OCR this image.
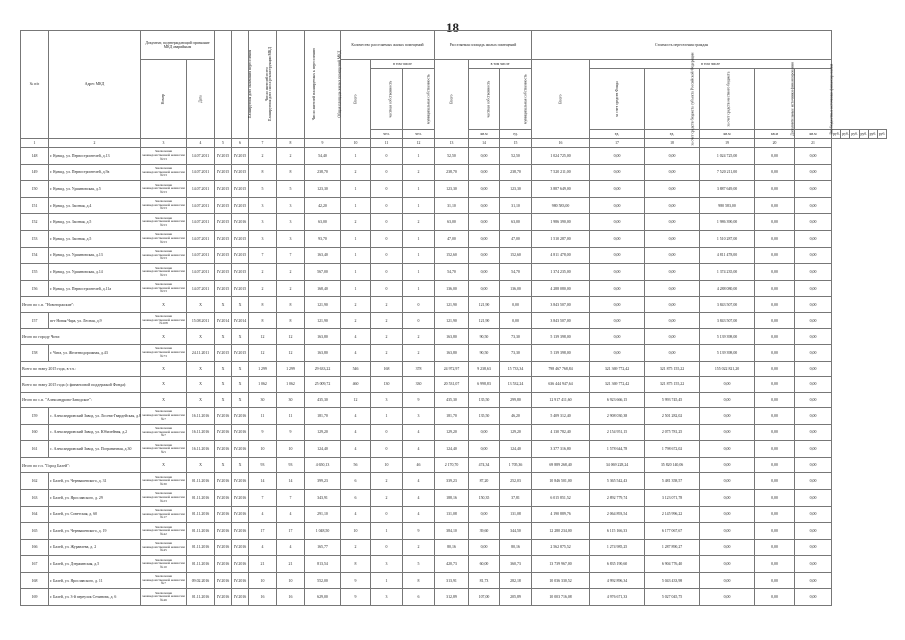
18
№ п/п	Адрес МКД	Документ, подтверждающий признание МКД аварийным		Планируемая дата окончания переселения	Планируемая дата сноса/реконструкции МКД	Число жителей всего	Число жителей планируемых к переселению	Общая площадь жилых помещений МКД	Количество расселяемых жилых помещений			Расселяемая площадь жилых помещений			Стоимость переселения граждан											
		Номер	Дата						Всего	в том числе		Всего	в том числе		Всего	в том числе										
										частная собственность	муниципальная собственность		частная собственность	муниципальная собственность		за счет средств Фонда	за счет средств бюджета субъекта Российской Федерации	за счет средств местного бюджета	Дополнительные источники финансирования	Внебюджетные источники финансирования						
										чел.	чел.		кв.м	ед.		ед.	ед.	кв.м	кв.м	кв.м	руб.	руб.	руб.	руб.	руб.	руб.
1	2	3	4	5	6	7	8	9	10	11	12	13	14	15	16	17	18	19	20	21						
148	г. Кувшд, ул. Первостроителей, д.13	Заключение межведомственной комиссии №53	14.07.2011	IV.2015	IV.2015	2	2	54,40	1	0	1	52,50	0,00	52,50	1 024 725,00	0,00	0,00	1 024 725,00	0,00	0,00						
149	г. Кувшд, ул. Первостроителей, д.9а	Заключение межведомственной комиссии №53	14.07.2011	IV.2015	IV.2015	8	8	238,70	2	0	2	238,70	0,00	238,70	7 520 211,00	0,00	0,00	7 520 211,00	0,00	0,00						
150	г. Кувшд, ул. Удшиновская, д.5	Заключение межведомственной комиссии №53	14.07.2011	IV.2015	IV.2015	5	5	123,30	1	0	1	123,30	0,00	123,30	3 887 649,00	0,00	0,00	3 887 649,00	0,00	0,00						
151	г. Кувшд, ул. Заозная, д.4	Заключение межведомственной комиссии №53	14.07.2011	IV.2015	IV.2015	3	3	42,20	1	0	1	31,10	0,00	31,10	980 583,00	0,00	0,00	980 583,00	0,00	0,00						
152	г. Кувшд, ул. Заозная, д.5	Заключение межведомственной комиссии №53	14.07.2011	IV.2015	IV.2016	3	3	63,00	2	0	2	63,00	0,00	63,00	1 986 390,00	0,00	0,00	1 986 390,00	0,00	0,00						
153	г. Кувшд, ул. Заозная, д.5	Заключение межведомственной комиссии №53	14.07.2011	IV.2015	IV.2015	3	3	93,70	1	0	1	47,00	0,00	47,00	1 510 287,00	0,00	0,00	1 510 287,00	0,00	0,00						
154	г. Кувшд, ул. Удшиновская, д.13	Заключение межведомственной комиссии №53	14.07.2011	IV.2015	IV.2015	7	7	163,40	1	0	1	152,60	0,00	152,60	4 811 478,00	0,00	0,00	4 811 478,00	0,00	0,00						
155	г. Кувшд, ул. Удшиновская, д.14	Заключение межведомственной комиссии №53	14.07.2011	IV.2015	IV.2015	2	2	567,00	1	0	1	54,70	0,00	54,70	1 374 235,00	0,00	0,00	1 374 235,00	0,00	0,00						
156	г. Кувшд, ул. Первостроителей, д.11а	Заключение межведомственной комиссии №53	14.07.2011	IV.2015	IV.2015	2	2	168,40	1	0	1	136,00	0,00	136,00	4 288 080,00	0,00	0,00	4 288 080,00	0,00	0,00						
Итого по с.п. "Новоторжские":		Х	Х	Х	Х	8	8	121,90	2	2	0	121,90	121,90	0,00	3 843 507,00	0,00	0,00	3 843 507,00	0,00	0,00						
157	пгт Новая Чара, ул. Лесная, д.9	Заключение межведомственной комиссии №108	15.08.2011	IV.2014	IV.2014	8	8	121,90	2	2	0	121,90	121,90	0,00	3 843 507,00	0,00	0,00	3 843 507,00	0,00	0,00						
Итого по городу Чита:		Х	Х	Х	Х	12	12	163,80	4	2	2	163,80	90,50	73,30	5 139 398,00	0,00	0,00	5 139 398,00	0,00	0,00						
158	г. Чита, ул. Железнодорожная, д.43	Заключение межведомственной комиссии №73	24.11.2011	IV.2015	IV.2015	12	12	163,80	4	2	2	163,80	90,50	73,30	5 139 398,00	0,00	0,00	5 139 398,00	0,00	0,00						
Всего по этапу 2015 года, в т.ч.:		Х	Х	Х	Х	1 299	1 299	29 633,22	546	168	378	24 972,97	9 238,63	15 733,34	798 467 768,84	321 369 772,42	321 875 155,22	155 022 821,20	0,00	0,00						
Всего по этапу 2015 года (с финансовой поддержкой Фонда):		Х	Х	Х	Х	1 062	1 062	25 009,72	460	130	330	20 531,07	6 998,83	13 532,24	636 444 947,64	321 369 772,42	321 875 155,22	0,00	0,00	0,00						
Итого по с.п. "Александрово-Заводское":		Х	Х	Х	Х	30	30	435,30	12	3	9	435,30	135,50	299,80	12 917 411,60	6 923 666,15	5 993 745,45	0,00	0,00	0,00						
159	с. Александровский Завод, ул. Лосева-Гвардейская, д.8	Заключение межведомственной комиссии №7	16.11.2016	IV.2016	IV.2016	11	11	181,70	4	1	3	181,70	135,50	46,20	5 409 312,40	2 908 030,38	2 501 282,02	0,00	0,00	0,00						
160	с. Александровский Завод, ул. Юбилейная, д.2	Заключение межведомственной комиссии №7	16.11.2016	IV.2016	IV.2016	9	9	129,20	4	0	4	129,20	0,00	129,20	4 130 782,40	2 154 951,15	2 075 781,25	0,00	0,00	0,00						
161	с. Александровский Завод, ул. Пограничная, д.30	Заключение межведомственной комиссии №5	16.11.2016	IV.2016	IV.2016	10	10	124,40	4	0	4	124,40	0,00	124,40	3 377 316,80	1 578 644,78	1 798 672,02	0,00	0,00	0,00						
Итого по г.п. "Город Балей":		Х	Х	Х	Х	93	93	4 650,13	56	10	46	2 170,70	474,34	1 705,36	69 889 268,40	34 069 228,24	35 820 140,06	0,00	0,00	0,00						
162	г. Балей, ул. Чернышевского, д. 31	Заключение межведомственной комиссии №30	01.11.2016	IV.2016	IV.2016	14	14	399,23	6	2	4	339,23	87,20	252,03	10 846 501,00	5 365 542,43	5 481 358,57	0,00	0,00	0,00						
163	г. Балей, ул. Ярославского, д. 29	Заключение межведомственной комиссии №23	01.11.2016	IV.2016	IV.2016	7	7	343,91	6	2	4	188,16	150,35	37,81	6 015 851,52	2 892 779,74	3 123 071,78	0,00	0,00	0,00						
164	г. Балей, ул. Советская, д. 60	Заключение межведомственной комиссии №17	01.11.2016	IV.2016	IV.2016	4	4	291,10	4	0	4	131,08	0,00	131,08	4 190 889,76	2 064 893,54	2 145 996,22	0,00	0,00	0,00						
165	г. Балей, ул. Чернышевского, д. 19	Заключение межведомственной комиссии №42	01.11.2016	IV.2016	IV.2016	17	17	1 048,50	10	1	9	384,10	39,60	344,50	12 280 234,00	6 115 166,33	6 177 067,67	0,00	0,00	0,00						
166	г. Балей, ул. Журавлева, д. 2	Заключение межведомственной комиссии №45	01.11.2016	IV.2016	IV.2016	4	4	165,77	2	0	2	80,16	0,00	80,16	2 562 875,52	1 274 985,25	1 287 890,27	0,00	0,00	0,00						
167	г. Балей, ул. Дзержинская, д.5	Заключение межведомственной комиссии №10	01.11.2016	IV.2016	IV.2016	21	21	813,54	8	3	5	420,73	60,00	360,73	13 739 967,00	6 835 190,60	6 904 776,40	0,00	0,00	0,00						
168	г. Балей, ул. Ярославского, д. 11	Заключение межведомственной комиссии №7	09.02.2016	IV.2016	IV.2016	10	10	552,00	9	1	8	313,91	81,73	282,18	10 036 330,52	4 992 896,34	5 043 433,98	0,00	0,00	0,00						
169	г. Балей, ул. 3-й переулок Сечинова, д. 6	Заключение межведомственной комиссии №46	01.11.2016	IV.2016	IV.2016	16	16	629,00	9	3	6	312,89	107,00	205,89	10 003 716,08	4 976 671,33	5 027 045,75	0,00	0,00	0,00						
